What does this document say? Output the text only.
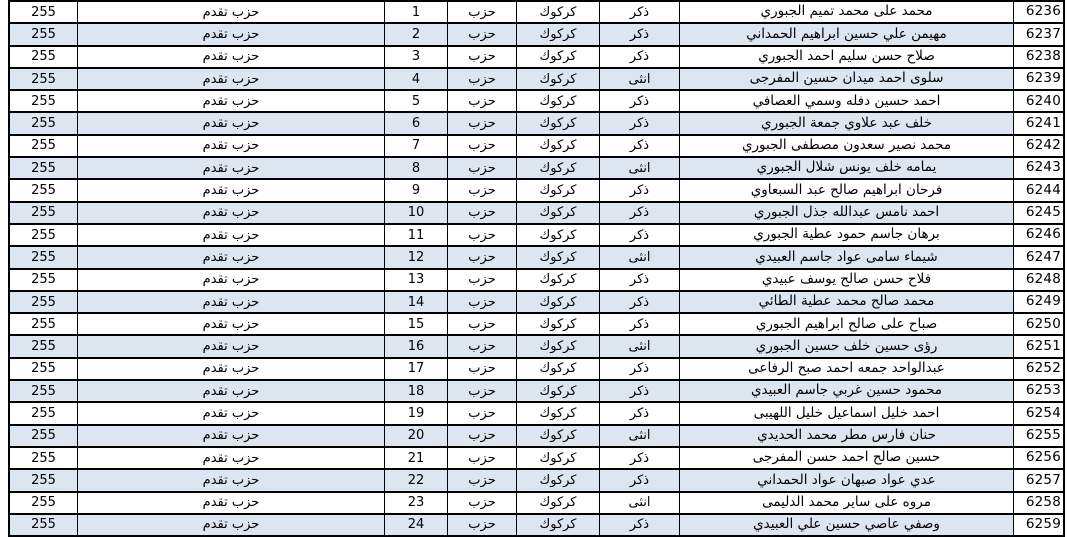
6236
محمد على محمد تميم الجبوري
ذكر
كركوك
حزب
1
حزب تقدم
255
6237
مهيمن علي حسين ابراهيم الحمداني
ذكر
كركوك
حزب
2
حزب تقدم
255
6238
صلاح حسن سليم احمد الجبوري
ذكر
كركوك
حزب
3
حزب تقدم
255
6239
سلوى احمد ميدان حسين المفرجى
انثى
كركوك
حزب
4
حزب تقدم
255
6240
احمد حسين دفله وسمي العصافي
ذكر
كركوك
حزب
5
حزب تقدم
255
6241
خلف عبد علاوي جمعة الجبوري
ذكر
كركوك
حزب
6
حزب تقدم
255
6242
محمد نصير سعدون مصطفى الجبوري
ذكر
كركوك
حزب
7
حزب تقدم
255
6243
يمامه خلف يونس شلال الجبوري
انثى
كركوك
حزب
8
حزب تقدم
255
6244
فرحان ابراهيم صالح عبد السبعاوي
ذكر
كركوك
حزب
9
حزب تقدم
255
6245
احمد نامس عبدالله جذل الجبوري
ذكر
كركوك
حزب
10
حزب تقدم
255
6246
برهان جاسم حمود عطية الجبوري
ذكر
كركوك
حزب
11
حزب تقدم
255
6247
شيماء سامى عواد جاسم العبيدي
انثى
كركوك
حزب
12
حزب تقدم
255
6248
فلاح حسن صالح يوسف عبيدي
ذكر
كركوك
حزب
13
حزب تقدم
255
6249
محمد صالح محمد عطية الطائي
ذكر
كركوك
حزب
14
حزب تقدم
255
6250
صباح على صالح ابراهيم الجبوري
ذكر
كركوك
حزب
15
حزب تقدم
255
6251
رؤى حسين خلف حسين الجبوري
انثى
كركوك
حزب
16
حزب تقدم
255
6252
عبدالواحد جمعه احمد صبح الرفاعى
ذكر
كركوك
حزب
17
حزب تقدم
255
6253
محمود حسين غربي جاسم العبيدي
ذكر
كركوك
حزب
18
حزب تقدم
255
6254
احمد خليل اسماعيل خليل اللهيبى
ذكر
كركوك
حزب
19
حزب تقدم
255
6255
حنان فارس مطر محمد الحديدي
انثى
كركوك
حزب
20
حزب تقدم
255
6256
حسين صالح احمد حسن المفرجى
ذكر
كركوك
حزب
21
حزب تقدم
255
6257
عدي عواد صبهان عواد الحمداني
ذكر
كركوك
حزب
22
حزب تقدم
255
6258
مروه على ساير محمد الدليمى
انثى
كركوك
حزب
23
حزب تقدم
255
6259
وصفي عاصي حسين علي العبيدي
ذكر
كركوك
حزب
24
حزب تقدم
255
